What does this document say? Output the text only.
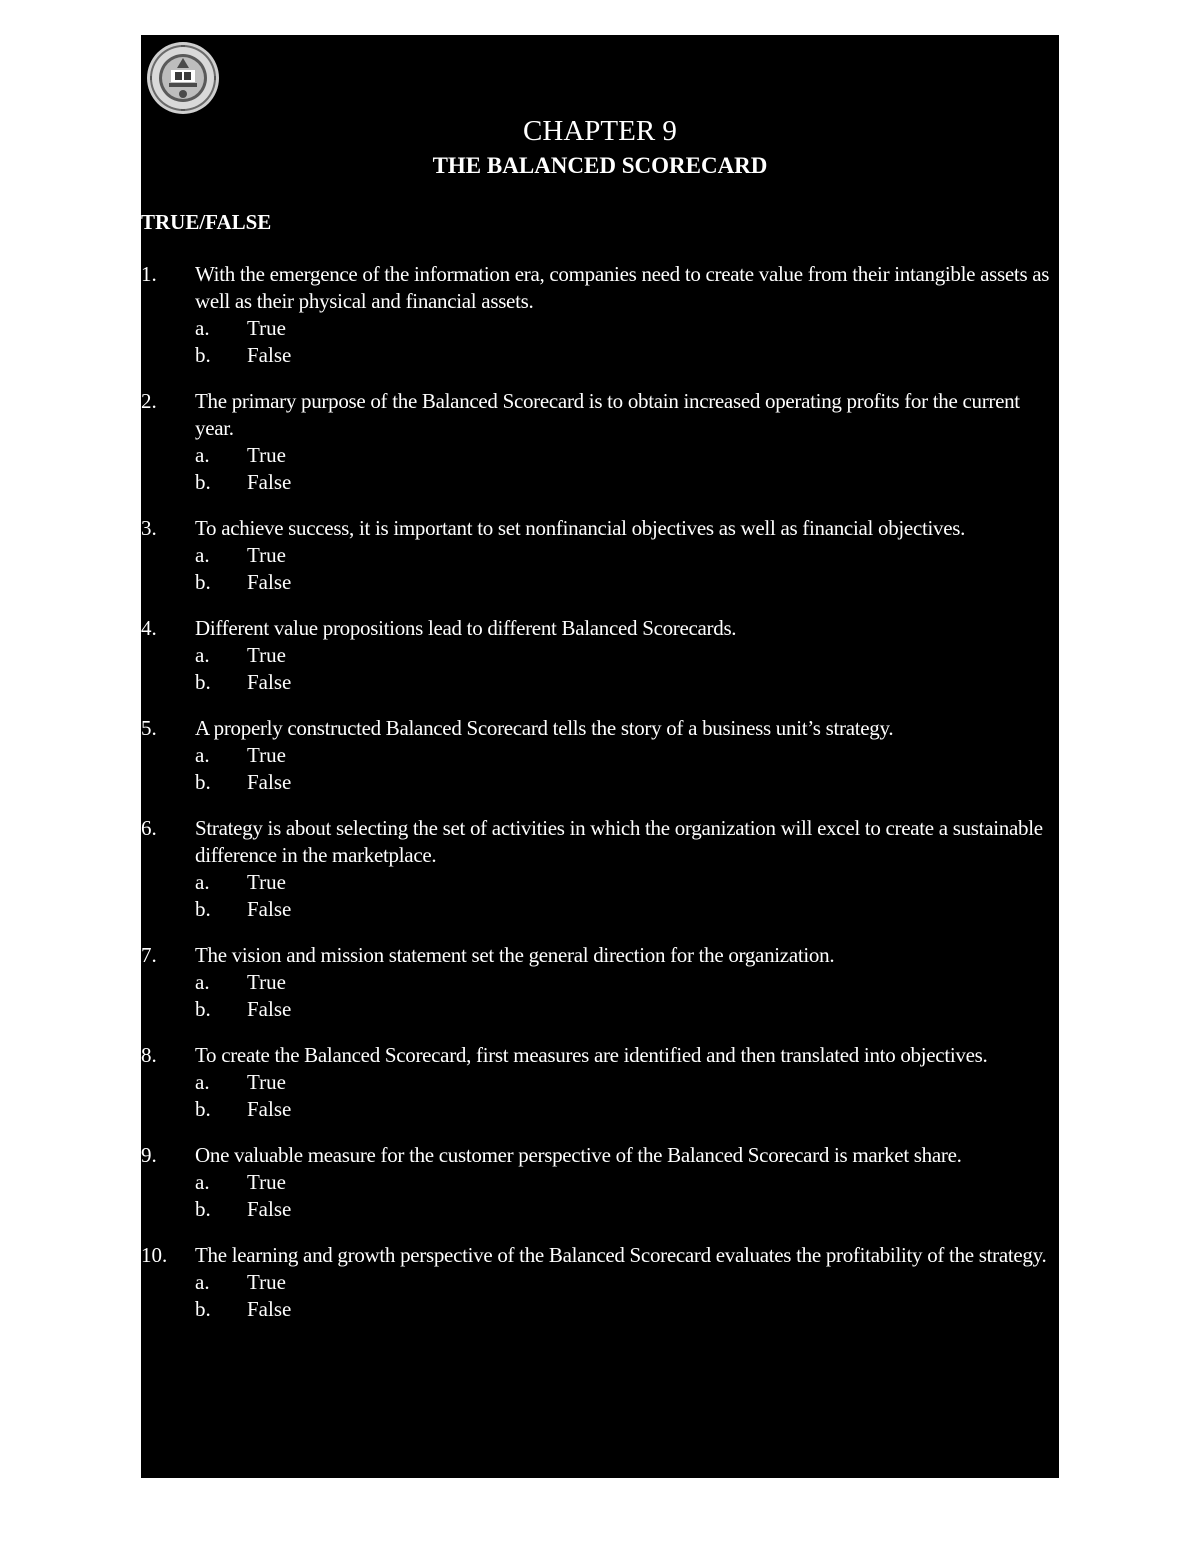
CHAPTER 9
THE BALANCED SCORECARD
TRUE/FALSE
1. With the emergence of the information era, companies need to create value from their intangible assets as well as their physical and financial assets.
a. True
b. False
2. The primary purpose of the Balanced Scorecard is to obtain increased operating profits for the current year.
a. True
b. False
3. To achieve success, it is important to set nonfinancial objectives as well as financial objectives.
a. True
b. False
4. Different value propositions lead to different Balanced Scorecards.
a. True
b. False
5. A properly constructed Balanced Scorecard tells the story of a business unit’s strategy.
a. True
b. False
6. Strategy is about selecting the set of activities in which the organization will excel to create a sustainable difference in the marketplace.
a. True
b. False
7. The vision and mission statement set the general direction for the organization.
a. True
b. False
8. To create the Balanced Scorecard, first measures are identified and then translated into objectives.
a. True
b. False
9. One valuable measure for the customer perspective of the Balanced Scorecard is market share.
a. True
b. False
10. The learning and growth perspective of the Balanced Scorecard evaluates the profitability of the strategy.
a. True
b. False
